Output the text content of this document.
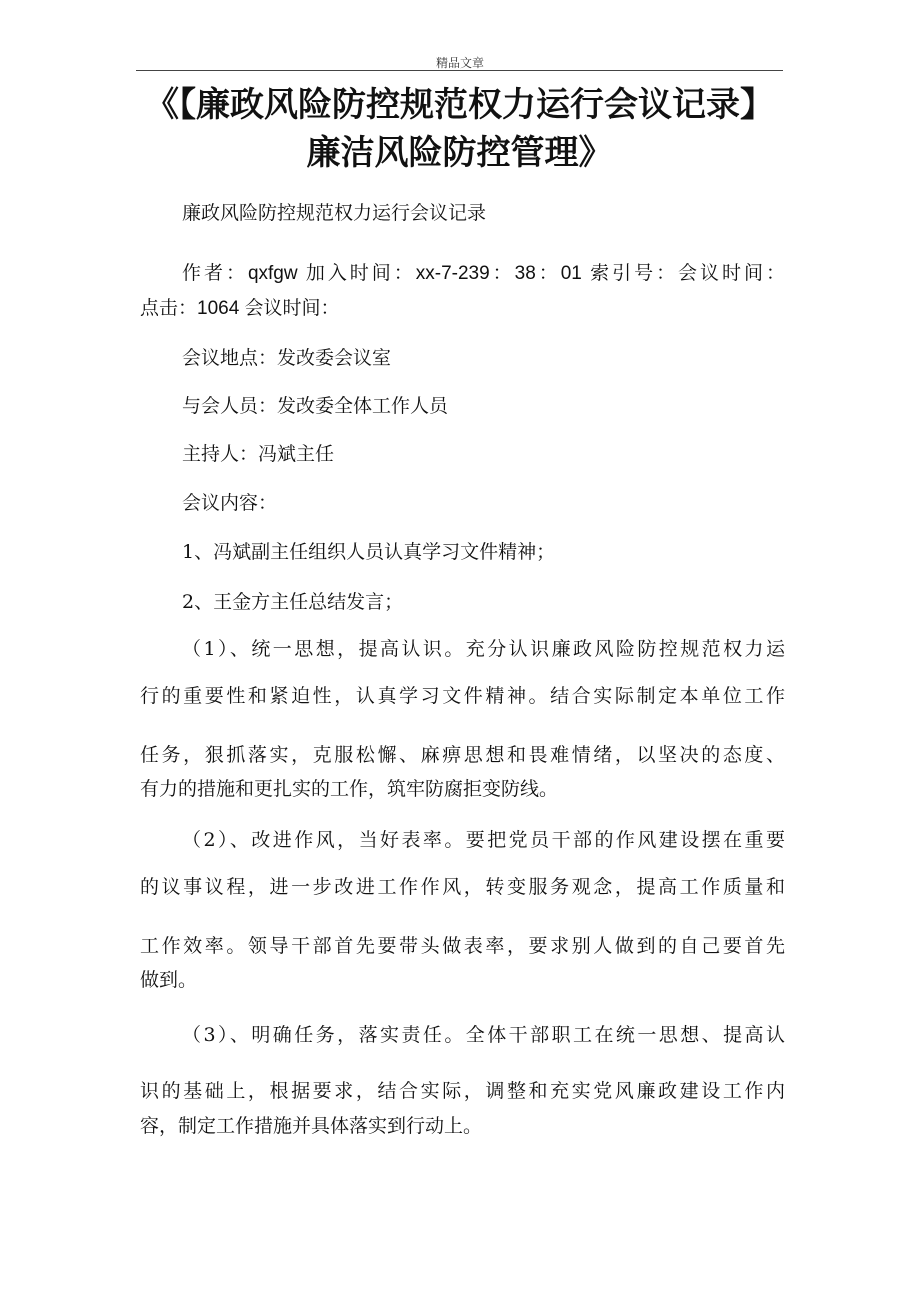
精品文章
《【廉政风险防控规范权力运行会议记录】
廉洁风险防控管理》
廉政风险防控规范权力运行会议记录
作者：qxfgw 加入时间：xx-7-239：38：01 索引号：会议时间：
点击：1064 会议时间：
会议地点：发改委会议室
与会人员：发改委全体工作人员
主持人：冯斌主任
会议内容：
1、冯斌副主任组织人员认真学习文件精神；
2、王金方主任总结发言；
（1）、统一思想，提高认识。充分认识廉政风险防控规范权力运
行的重要性和紧迫性，认真学习文件精神。结合实际制定本单位工作
任务，狠抓落实，克服松懈、麻痹思想和畏难情绪，以坚决的态度、
有力的措施和更扎实的工作，筑牢防腐拒变防线。
（2）、改进作风，当好表率。要把党员干部的作风建设摆在重要
的议事议程，进一步改进工作作风，转变服务观念，提高工作质量和
工作效率。领导干部首先要带头做表率，要求别人做到的自己要首先
做到。
（3）、明确任务，落实责任。全体干部职工在统一思想、提高认
识的基础上，根据要求，结合实际，调整和充实党风廉政建设工作内
容，制定工作措施并具体落实到行动上。
